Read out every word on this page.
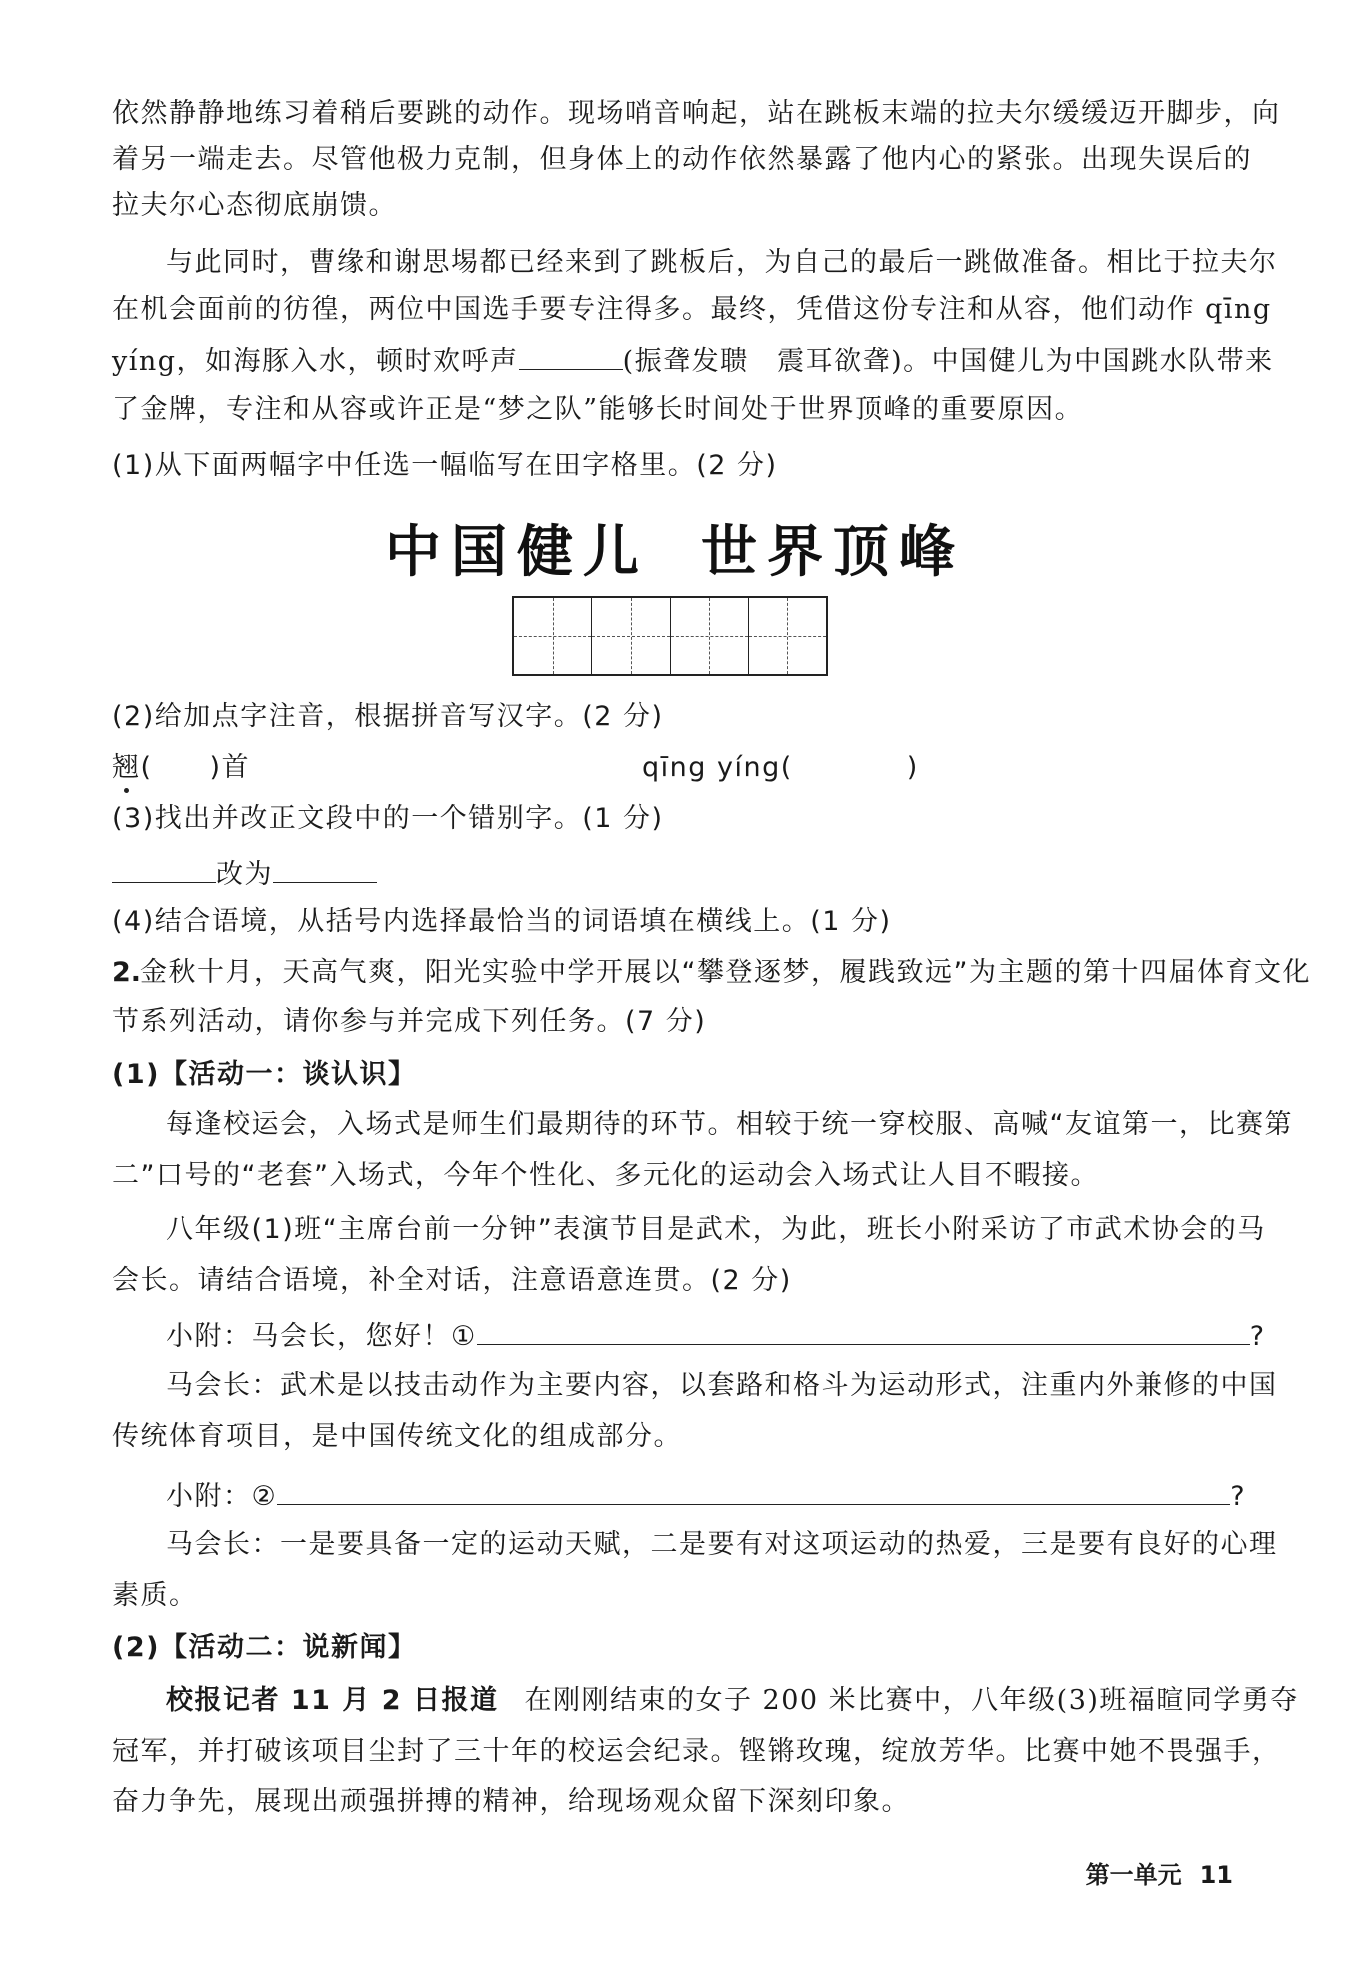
依然静静地练习着稍后要跳的动作。现场哨音响起，站在跳板末端的拉夫尔缓缓迈开脚步，向
着另一端走去。尽管他极力克制，但身体上的动作依然暴露了他内心的紧张。出现失误后的
拉夫尔心态彻底崩馈。
与此同时，曹缘和谢思埸都已经来到了跳板后，为自己的最后一跳做准备。相比于拉夫尔
在机会面前的彷徨，两位中国选手要专注得多。最终，凭借这份专注和从容，他们动作 qīng
yíng，如海豚入水，顿时欢呼声	(振聋发聩　震耳欲聋)。中国健儿为中国跳水队带来
了金牌，专注和从容或许正是“梦之队”能够长时间处于世界顶峰的重要原因。
(1)从下面两幅字中任选一幅临写在田字格里。(2 分)
中国健儿 世界顶峰
(2)给加点字注音，根据拼音写汉字。(2 分)
翘(　　)首	qīng yíng(　　　　)
(3)找出并改正文段中的一个错别字。(1 分)
改为
(4)结合语境，从括号内选择最恰当的词语填在横线上。(1 分)
2.
金秋十月，天高气爽，阳光实验中学开展以“攀登逐梦，履践致远”为主题的第十四届体育文化
节系列活动，请你参与并完成下列任务。(7 分)
(1)【活动一：谈认识】
每逢校运会，入场式是师生们最期待的环节。相较于统一穿校服、高喊“友谊第一，比赛第
二”口号的“老套”入场式，今年个性化、多元化的运动会入场式让人目不暇接。
八年级(1)班“主席台前一分钟”表演节目是武术，为此，班长小附采访了市武术协会的马
会长。请结合语境，补全对话，注意语意连贯。(2 分)
小附：马会长，您好！①	?
马会长：武术是以技击动作为主要内容，以套路和格斗为运动形式，注重内外兼修的中国
传统体育项目，是中国传统文化的组成部分。
小附：②	?
马会长：一是要具备一定的运动天赋，二是要有对这项运动的热爱，三是要有良好的心理
素质。
(2)【活动二：说新闻】
校报记者 11 月 2 日报道 在刚刚结束的女子 200 米比赛中，八年级(3)班福暄同学勇夺
冠军，并打破该项目尘封了三十年的校运会纪录。铿锵玫瑰，绽放芳华。比赛中她不畏强手，
奋力争先，展现出顽强拼搏的精神，给现场观众留下深刻印象。
第一单元 11
